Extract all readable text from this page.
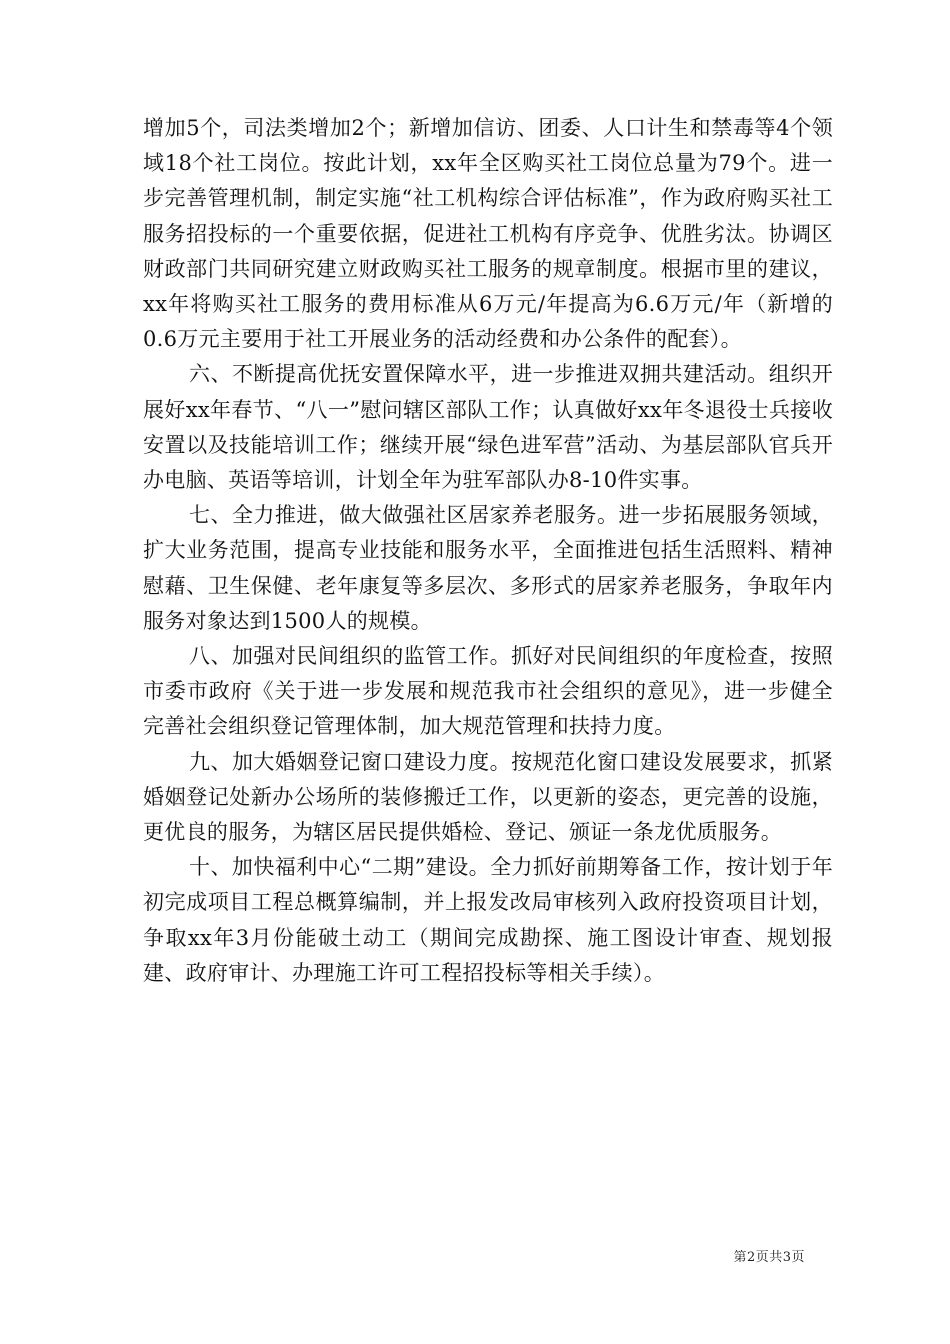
增加5个，司法类增加2个；新增加信访、团委、人口计生和禁毒等4个领域18个社工岗位。按此计划，xx年全区购买社工岗位总量为79个。进一步完善管理机制，制定实施“社工机构综合评估标准”，作为政府购买社工服务招投标的一个重要依据，促进社工机构有序竞争、优胜劣汰。协调区财政部门共同研究建立财政购买社工服务的规章制度。根据市里的建议，xx年将购买社工服务的费用标准从6万元/年提高为6.6万元/年（新增的0.6万元主要用于社工开展业务的活动经费和办公条件的配套）。

六、不断提高优抚安置保障水平，进一步推进双拥共建活动。组织开展好xx年春节、“八一”慰问辖区部队工作；认真做好xx年冬退役士兵接收安置以及技能培训工作；继续开展“绿色进军营”活动、为基层部队官兵开办电脑、英语等培训，计划全年为驻军部队办8-10件实事。

七、全力推进，做大做强社区居家养老服务。进一步拓展服务领域，扩大业务范围，提高专业技能和服务水平，全面推进包括生活照料、精神慰藉、卫生保健、老年康复等多层次、多形式的居家养老服务，争取年内服务对象达到1500人的规模。

八、加强对民间组织的监管工作。抓好对民间组织的年度检查，按照市委市政府《关于进一步发展和规范我市社会组织的意见》，进一步健全完善社会组织登记管理体制，加大规范管理和扶持力度。

九、加大婚姻登记窗口建设力度。按规范化窗口建设发展要求，抓紧婚姻登记处新办公场所的装修搬迁工作，以更新的姿态，更完善的设施，更优良的服务，为辖区居民提供婚检、登记、颁证一条龙优质服务。

十、加快福利中心“二期”建设。全力抓好前期筹备工作，按计划于年初完成项目工程总概算编制，并上报发改局审核列入政府投资项目计划，争取xx年3月份能破土动工（期间完成勘探、施工图设计审查、规划报建、政府审计、办理施工许可工程招投标等相关手续）。

第2页共3页
